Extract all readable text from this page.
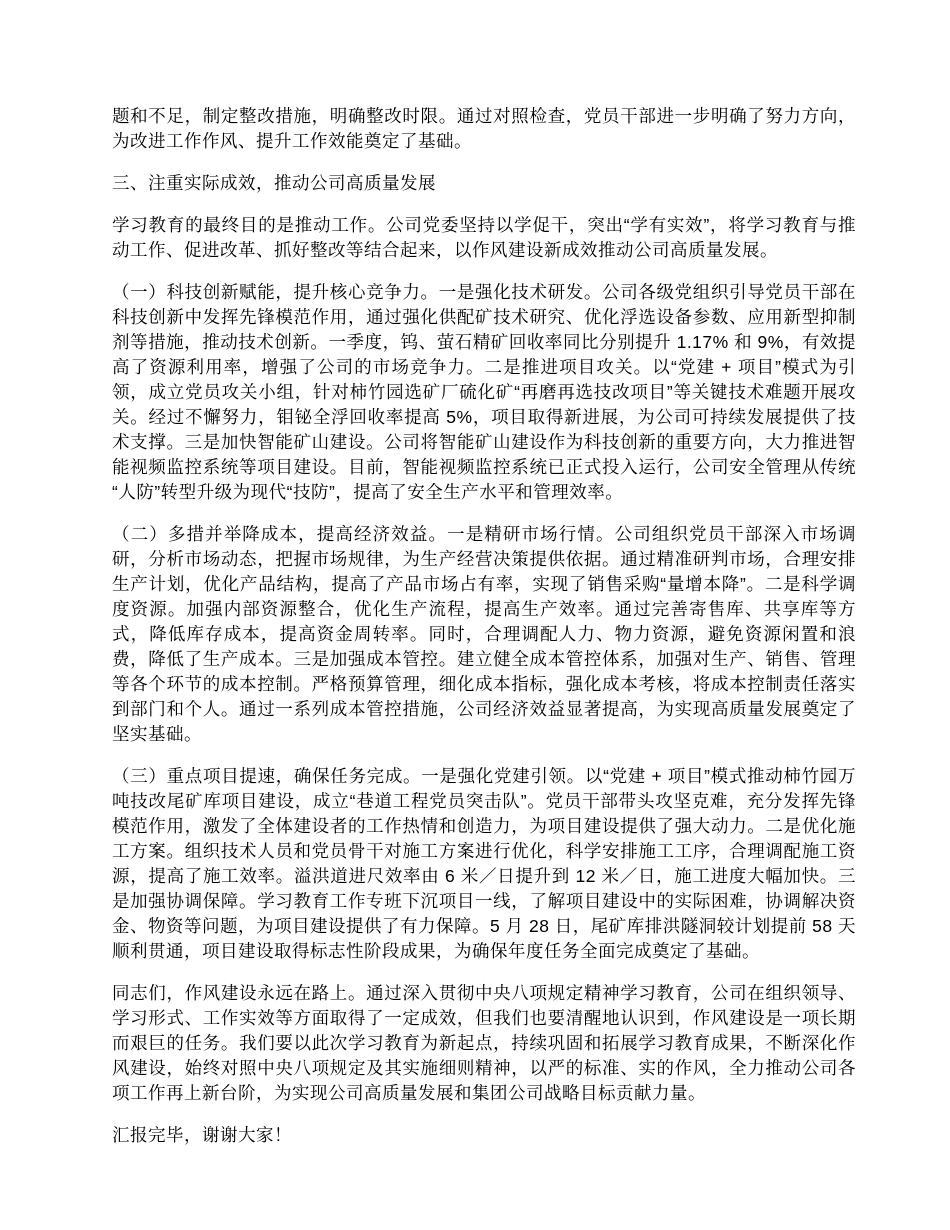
题和不足，制定整改措施，明确整改时限。通过对照检查，党员干部进一步明确了努力方向，为改进工作作风、提升工作效能奠定了基础。

三、注重实际成效，推动公司高质量发展

学习教育的最终目的是推动工作。公司党委坚持以学促干，突出“学有实效”，将学习教育与推动工作、促进改革、抓好整改等结合起来，以作风建设新成效推动公司高质量发展。

（一）科技创新赋能，提升核心竞争力。一是强化技术研发。公司各级党组织引导党员干部在科技创新中发挥先锋模范作用，通过强化供配矿技术研究、优化浮选设备参数、应用新型抑制剂等措施，推动技术创新。一季度，钨、萤石精矿回收率同比分别提升 1.17% 和 9%，有效提高了资源利用率，增强了公司的市场竞争力。二是推进项目攻关。以“党建 + 项目”模式为引领，成立党员攻关小组，针对柿竹园选矿厂硫化矿“再磨再选技改项目”等关键技术难题开展攻关。经过不懈努力，钼铋全浮回收率提高 5%，项目取得新进展，为公司可持续发展提供了技术支撑。三是加快智能矿山建设。公司将智能矿山建设作为科技创新的重要方向，大力推进智能视频监控系统等项目建设。目前，智能视频监控系统已正式投入运行，公司安全管理从传统“人防”转型升级为现代“技防”，提高了安全生产水平和管理效率。

（二）多措并举降成本，提高经济效益。一是精研市场行情。公司组织党员干部深入市场调研，分析市场动态，把握市场规律，为生产经营决策提供依据。通过精准研判市场，合理安排生产计划，优化产品结构，提高了产品市场占有率，实现了销售采购“量增本降”。二是科学调度资源。加强内部资源整合，优化生产流程，提高生产效率。通过完善寄售库、共享库等方式，降低库存成本，提高资金周转率。同时，合理调配人力、物力资源，避免资源闲置和浪费，降低了生产成本。三是加强成本管控。建立健全成本管控体系，加强对生产、销售、管理等各个环节的成本控制。严格预算管理，细化成本指标，强化成本考核，将成本控制责任落实到部门和个人。通过一系列成本管控措施，公司经济效益显著提高，为实现高质量发展奠定了坚实基础。

（三）重点项目提速，确保任务完成。一是强化党建引领。以“党建 + 项目”模式推动柿竹园万吨技改尾矿库项目建设，成立“巷道工程党员突击队”。党员干部带头攻坚克难，充分发挥先锋模范作用，激发了全体建设者的工作热情和创造力，为项目建设提供了强大动力。二是优化施工方案。组织技术人员和党员骨干对施工方案进行优化，科学安排施工工序，合理调配施工资源，提高了施工效率。溢洪道进尺效率由 6 米／日提升到 12 米／日，施工进度大幅加快。三是加强协调保障。学习教育工作专班下沉项目一线，了解项目建设中的实际困难，协调解决资金、物资等问题，为项目建设提供了有力保障。5 月 28 日，尾矿库排洪隧洞较计划提前 58 天顺利贯通，项目建设取得标志性阶段成果，为确保年度任务全面完成奠定了基础。

同志们，作风建设永远在路上。通过深入贯彻中央八项规定精神学习教育，公司在组织领导、学习形式、工作实效等方面取得了一定成效，但我们也要清醒地认识到，作风建设是一项长期而艰巨的任务。我们要以此次学习教育为新起点，持续巩固和拓展学习教育成果，不断深化作风建设，始终对照中央八项规定及其实施细则精神，以严的标准、实的作风，全力推动公司各项工作再上新台阶，为实现公司高质量发展和集团公司战略目标贡献力量。

汇报完毕，谢谢大家！
